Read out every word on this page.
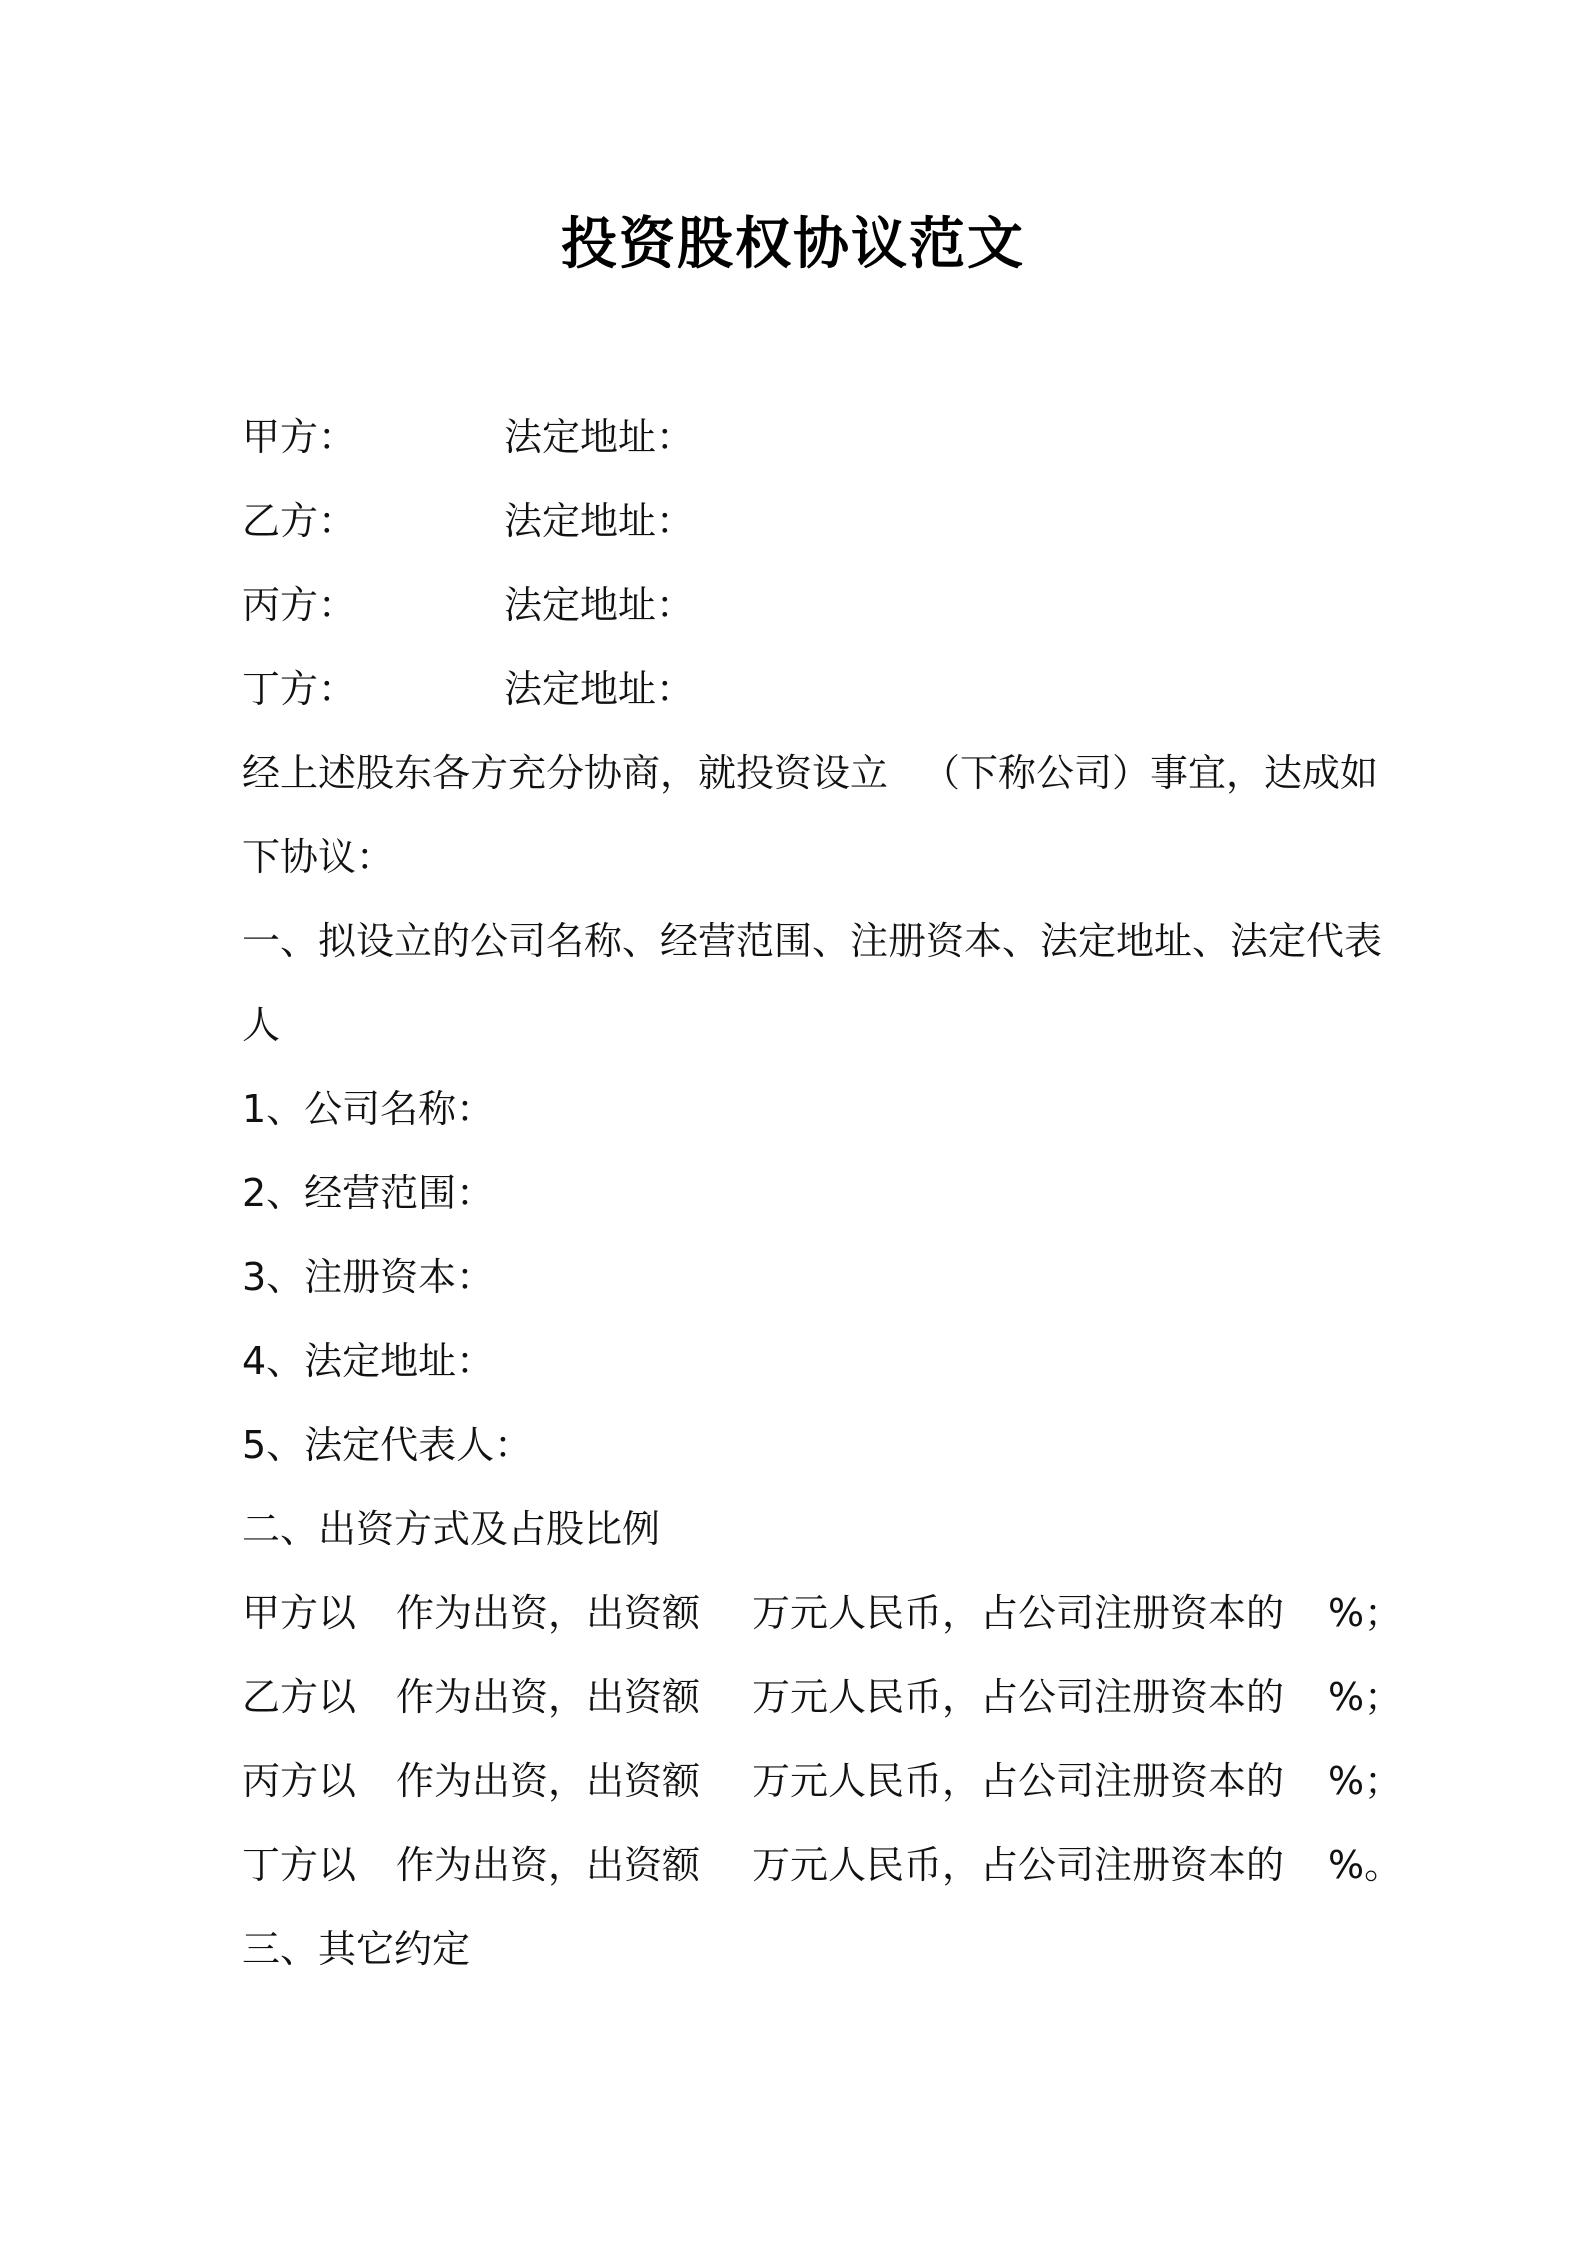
投资股权协议范文
甲方：	法定地址：
乙方：	法定地址：
丙方：	法定地址：
丁方：	法定地址：
经上述股东各方充分协商，就投资设立 （下称公司）事宜，达成如
下协议：
一、拟设立的公司名称、经营范围、注册资本、法定地址、法定代表
人
1、公司名称：
2、经营范围：
3、注册资本：
4、法定地址：
5、法定代表人：
二、出资方式及占股比例
甲方以 作为出资，出资额 万元人民币，占公司注册资本的 %；
乙方以 作为出资，出资额 万元人民币，占公司注册资本的 %；
丙方以 作为出资，出资额 万元人民币，占公司注册资本的 %；
丁方以 作为出资，出资额 万元人民币，占公司注册资本的 %。
三、其它约定
